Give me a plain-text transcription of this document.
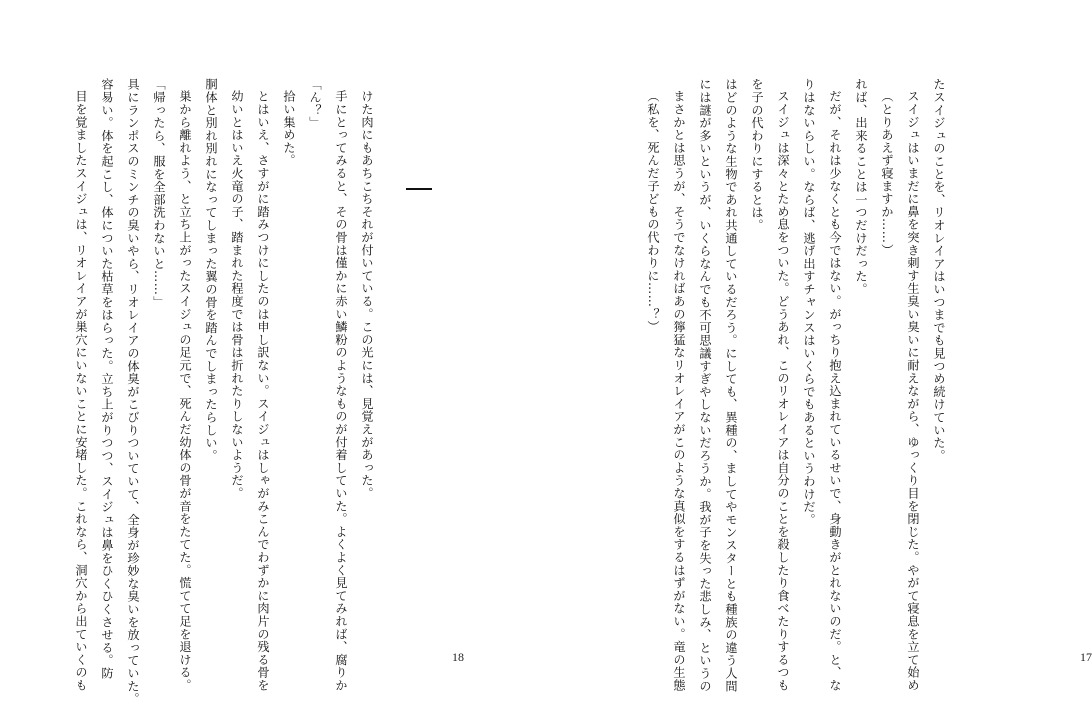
けた肉にもあちこちそれが付いている。この光には、見覚えがあった。
手にとってみると、その骨は僅かに赤い鱗粉のようなものが付着していた。よくよく見てみれば、腐りか
「ん？」
拾い集めた。
とはいえ、さすがに踏みつけにしたのは申し訳ない。スイジュはしゃがみこんでわずかに肉片の残る骨を
幼いとはいえ火竜の子、踏まれた程度では骨は折れたりしないようだ。
胴体と別れ別れになってしまった翼の骨を踏んでしまったらしい。
巣から離れよう、と立ち上がったスイジュの足元で、死んだ幼体の骨が音をたてた。慌てて足を退ける。
「帰ったら、服を全部洗わないと……」
具にランポスのミンチの臭いやら、リオレイアの体臭がこびりついていて、全身が珍妙な臭いを放っていた。
容易い。体を起こし、体についた枯草をはらった。立ち上がりつつ、スイジュは鼻をひくひくさせる。防
目を覚ましたスイジュは、リオレイアが巣穴にいないことに安堵した。これなら、洞穴から出ていくのも	18
たスイジュのことを、リオレイアはいつまでも見つめ続けていた。
スイジュはいまだに鼻を突き刺す生臭い臭いに耐えながら、ゆっくり目を閉じた。やがて寝息を立て始め
（とりあえず寝ますか……）
れば、出来ることは一つだけだった。
だが、それは少なくとも今ではない。がっちり抱え込まれているせいで、身動きがとれないのだ。と、な
りはないらしい。ならば、逃げ出すチャンスはいくらでもあるというわけだ。
スイジュは深々とため息をついた。どうあれ、このリオレイアは自分のことを殺したり食べたりするつも
を子の代わりにするとは。
はどのような生物であれ共通しているだろう。にしても、異種の、ましてやモンスターとも種族の違う人間
には謎が多いというが、いくらなんでも不可思議すぎやしないだろうか。我が子を失った悲しみ、というの
まさかとは思うが、そうでなければあの獰猛なリオレイアがこのような真似をするはずがない。竜の生態
（私を、死んだ子どもの代わりに……？）
17
